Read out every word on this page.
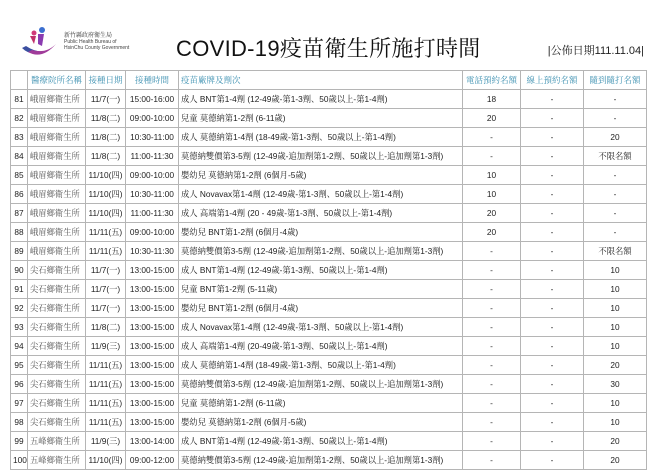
新竹縣政府衛生局
Public Health Bureau of
HsinChu County Government COVID-19疫苗衛生所施打時間	|公佈日期111.11.04|
	醫療院所名稱	接種日期	接種時間	疫苗廠牌及劑次	電話預約名額	線上預約名額	隨到隨打名額
81	峨眉鄉衛生所	11/7(一)	15:00-16:00	成人 BNT第1-4劑 (12-49歲-第1-3劑、50歲以上-第1-4劑)	18	-	-
82	峨眉鄉衛生所	11/8(二)	09:00-10:00	兒童 莫德納第1-2劑 (6-11歲)	20	-	-
83	峨眉鄉衛生所	11/8(二)	10:30-11:00	成人 莫德納第1-4劑 (18-49歲-第1-3劑、50歲以上-第1-4劑)	-	-	20
84	峨眉鄉衛生所	11/8(二)	11:00-11:30	莫德納雙價第3-5劑 (12-49歲-追加劑第1-2劑、50歲以上-追加劑第1-3劑)	-	-	不限名額
85	峨眉鄉衛生所	11/10(四)	09:00-10:00	嬰幼兒 莫德納第1-2劑 (6個月-5歲)	10	-	-
86	峨眉鄉衛生所	11/10(四)	10:30-11:00	成人 Novavax第1-4劑 (12-49歲-第1-3劑、50歲以上-第1-4劑)	10	-	-
87	峨眉鄉衛生所	11/10(四)	11:00-11:30	成人 高端第1-4劑 (20 - 49歲-第1-3劑、50歲以上-第1-4劑)	20	-	-
88	峨眉鄉衛生所	11/11(五)	09:00-10:00	嬰幼兒 BNT第1-2劑 (6個月-4歲)	20	-	-
89	峨眉鄉衛生所	11/11(五)	10:30-11:30	莫德納雙價第3-5劑 (12-49歲-追加劑第1-2劑、50歲以上-追加劑第1-3劑)	-	-	不限名額
90	尖石鄉衛生所	11/7(一)	13:00-15:00	成人 BNT第1-4劑 (12-49歲-第1-3劑、50歲以上-第1-4劑)	-	-	10
91	尖石鄉衛生所	11/7(一)	13:00-15:00	兒童 BNT第1-2劑 (5-11歲)	-	-	10
92	尖石鄉衛生所	11/7(一)	13:00-15:00	嬰幼兒 BNT第1-2劑 (6個月-4歲)	-	-	10
93	尖石鄉衛生所	11/8(二)	13:00-15:00	成人 Novavax第1-4劑 (12-49歲-第1-3劑、50歲以上-第1-4劑)	-	-	10
94	尖石鄉衛生所	11/9(三)	13:00-15:00	成人 高端第1-4劑 (20-49歲-第1-3劑、50歲以上-第1-4劑)	-	-	10
95	尖石鄉衛生所	11/11(五)	13:00-15:00	成人 莫德納第1-4劑 (18-49歲-第1-3劑、50歲以上-第1-4劑)	-	-	20
96	尖石鄉衛生所	11/11(五)	13:00-15:00	莫德納雙價第3-5劑 (12-49歲-追加劑第1-2劑、50歲以上-追加劑第1-3劑)	-	-	30
97	尖石鄉衛生所	11/11(五)	13:00-15:00	兒童 莫德納第1-2劑 (6-11歲)	-	-	10
98	尖石鄉衛生所	11/11(五)	13:00-15:00	嬰幼兒 莫德納第1-2劑 (6個月-5歲)	-	-	10
99	五峰鄉衛生所	11/9(三)	13:00-14:00	成人 BNT第1-4劑 (12-49歲-第1-3劑、50歲以上-第1-4劑)	-	-	20
100	五峰鄉衛生所	11/10(四)	09:00-12:00	莫德納雙價第3-5劑 (12-49歲-追加劑第1-2劑、50歲以上-追加劑第1-3劑)	-	-	20
